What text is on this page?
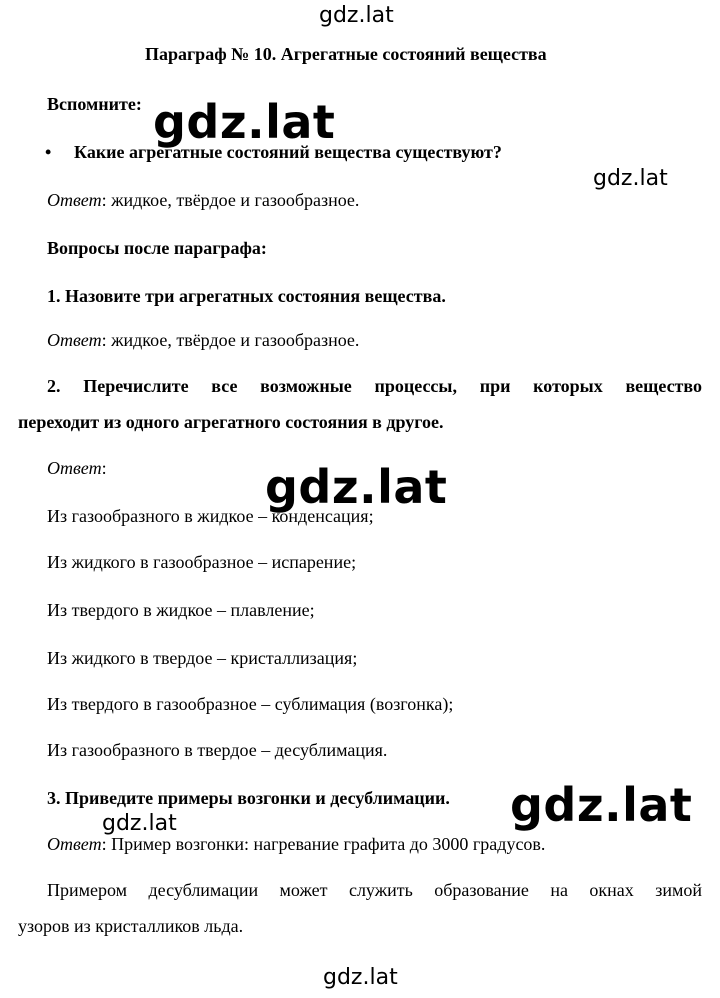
Параграф № 10. Агрегатные состояний вещества
Вспомните:
• Какие агрегатные состояний вещества существуют?
Ответ: жидкое, твёрдое и газообразное.
Вопросы после параграфа:
1. Назовите три агрегатных состояния вещества.
Ответ: жидкое, твёрдое и газообразное.
2. Перечислите все возможные процессы, при которых вещество
переходит из одного агрегатного состояния в другое.
Ответ:
Из газообразного в жидкое – конденсация;
Из жидкого в газообразное – испарение;
Из твердого в жидкое – плавление;
Из жидкого в твердое – кристаллизация;
Из твердого в газообразное – сублимация (возгонка);
Из газообразного в твердое – десублимация.
3. Приведите примеры возгонки и десублимации.
Ответ: Пример возгонки: нагревание графита до 3000 градусов.
Примером десублимации может служить образование на окнах зимой
узоров из кристалликов льда.
gdz.lat
gdz.lat
gdz.lat
gdz.lat
gdz.lat
gdz.lat
gdz.lat
